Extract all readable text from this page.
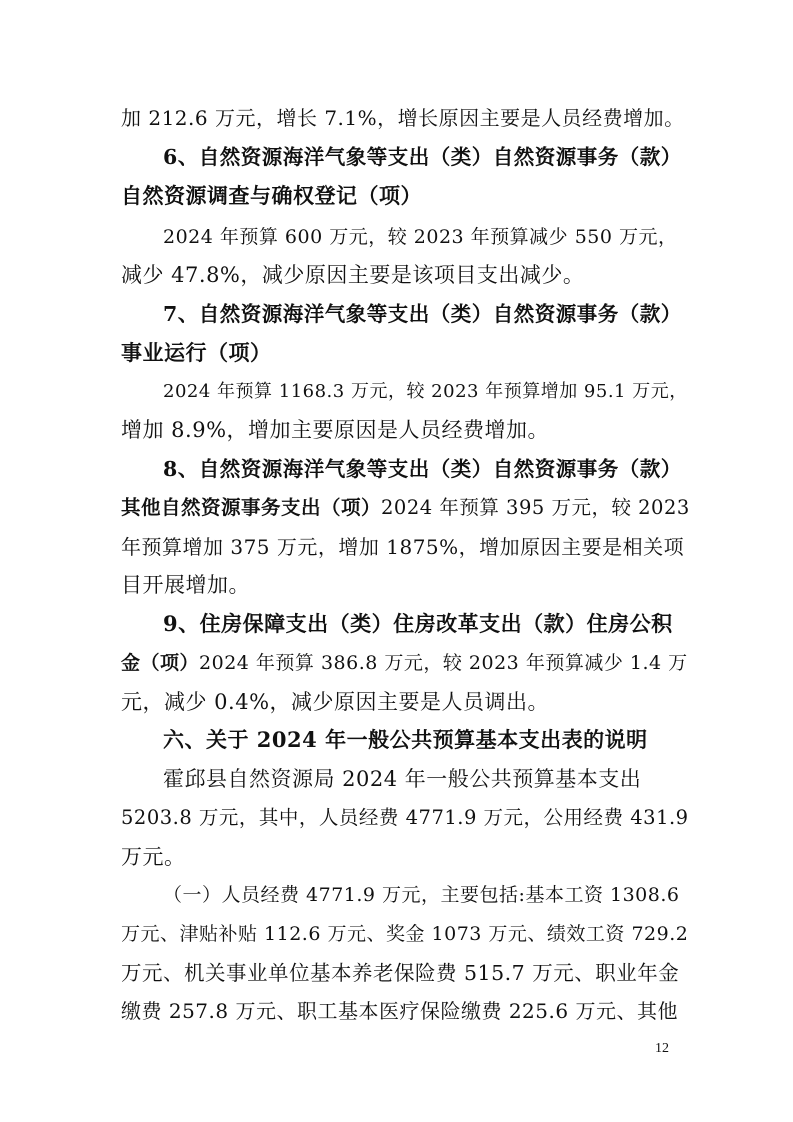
加 212.6 万元，增长 7.1%，增长原因主要是人员经费增加。
6、自然资源海洋气象等支出（类）自然资源事务（款）
自然资源调查与确权登记（项）
2024 年预算 600 万元，较 2023 年预算减少 550 万元，
减少 47.8%，减少原因主要是该项目支出减少。
7、自然资源海洋气象等支出（类）自然资源事务（款）
事业运行（项）
2024 年预算 1168.3 万元，较 2023 年预算增加 95.1 万元，
增加 8.9%，增加主要原因是人员经费增加。
8、自然资源海洋气象等支出（类）自然资源事务（款）
其他自然资源事务支出（项）2024 年预算 395 万元，较 2023
年预算增加 375 万元，增加 1875%，增加原因主要是相关项
目开展增加。
9、住房保障支出（类）住房改革支出（款）住房公积
金（项）2024 年预算 386.8 万元，较 2023 年预算减少 1.4 万
元，减少 0.4%，减少原因主要是人员调出。
六、关于 2024 年一般公共预算基本支出表的说明
霍邱县自然资源局 2024 年一般公共预算基本支出
5203.8 万元，其中，人员经费 4771.9 万元，公用经费 431.9
万元。
（一）人员经费 4771.9 万元，主要包括:基本工资 1308.6
万元、津贴补贴 112.6 万元、奖金 1073 万元、绩效工资 729.2
万元、机关事业单位基本养老保险费 515.7 万元、职业年金
缴费 257.8 万元、职工基本医疗保险缴费 225.6 万元、其他
12
